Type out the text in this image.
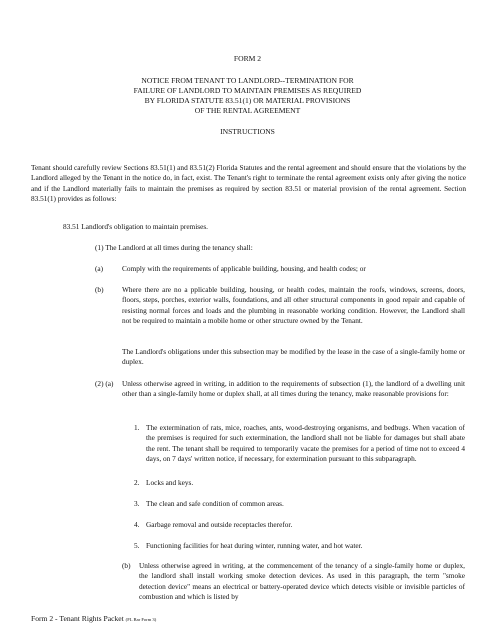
FORM 2
NOTICE FROM TENANT TO LANDLORD--TERMINATION FOR
FAILURE OF LANDLORD TO MAINTAIN PREMISES AS REQUIRED
BY FLORIDA STATUTE 83.51(1) OR MATERIAL PROVISIONS
OF THE RENTAL AGREEMENT
INSTRUCTIONS
Tenant should carefully review Sections 83.51(1) and 83.51(2) Florida Statutes and the rental agreement and should ensure that the violations by the Landlord alleged by the Tenant in the notice do, in fact, exist. The Tenant's right to terminate the rental agreement exists only after giving the notice and if the Landlord materially fails to maintain the premises as required by section 83.51 or material provision of the rental agreement. Section 83.51(1) provides as follows:
83.51 Landlord's obligation to maintain premises.
(1) The Landlord at all times during the tenancy shall:
(a)	Comply with the requirements of applicable building, housing, and health codes; or
(b)	Where there are no a pplicable building, housing, or health codes, maintain the roofs, windows, screens, doors, floors, steps, porches, exterior walls, foundations, and all other structural components in good repair and capable of resisting normal forces and loads and the plumbing in reasonable working condition. However, the Landlord shall not be required to maintain a mobile home or other structure owned by the Tenant.
The Landlord's obligations under this subsection may be modified by the lease in the case of a single-family home or duplex.
(2) (a) Unless otherwise agreed in writing, in addition to the requirements of subsection (1), the landlord of a dwelling unit other than a single-family home or duplex shall, at all times during the tenancy, make reasonable provisions for:
1. The extermination of rats, mice, roaches, ants, wood-destroying organisms, and bedbugs. When vacation of the premises is required for such extermination, the landlord shall not be liable for damages but shall abate the rent. The tenant shall be required to temporarily vacate the premises for a period of time not to exceed 4 days, on 7 days' written notice, if necessary, for extermination pursuant to this subparagraph.
2. Locks and keys.
3. The clean and safe condition of common areas.
4. Garbage removal and outside receptacles therefor.
5. Functioning facilities for heat during winter, running water, and hot water.
(b) Unless otherwise agreed in writing, at the commencement of the tenancy of a single-family home or duplex, the landlord shall install working smoke detection devices. As used in this paragraph, the term "smoke detection device" means an electrical or battery-operated device which detects visible or invisible particles of combustion and which is listed by
Form 2 - Tenant Rights Packet (FL Bar Form 3)
